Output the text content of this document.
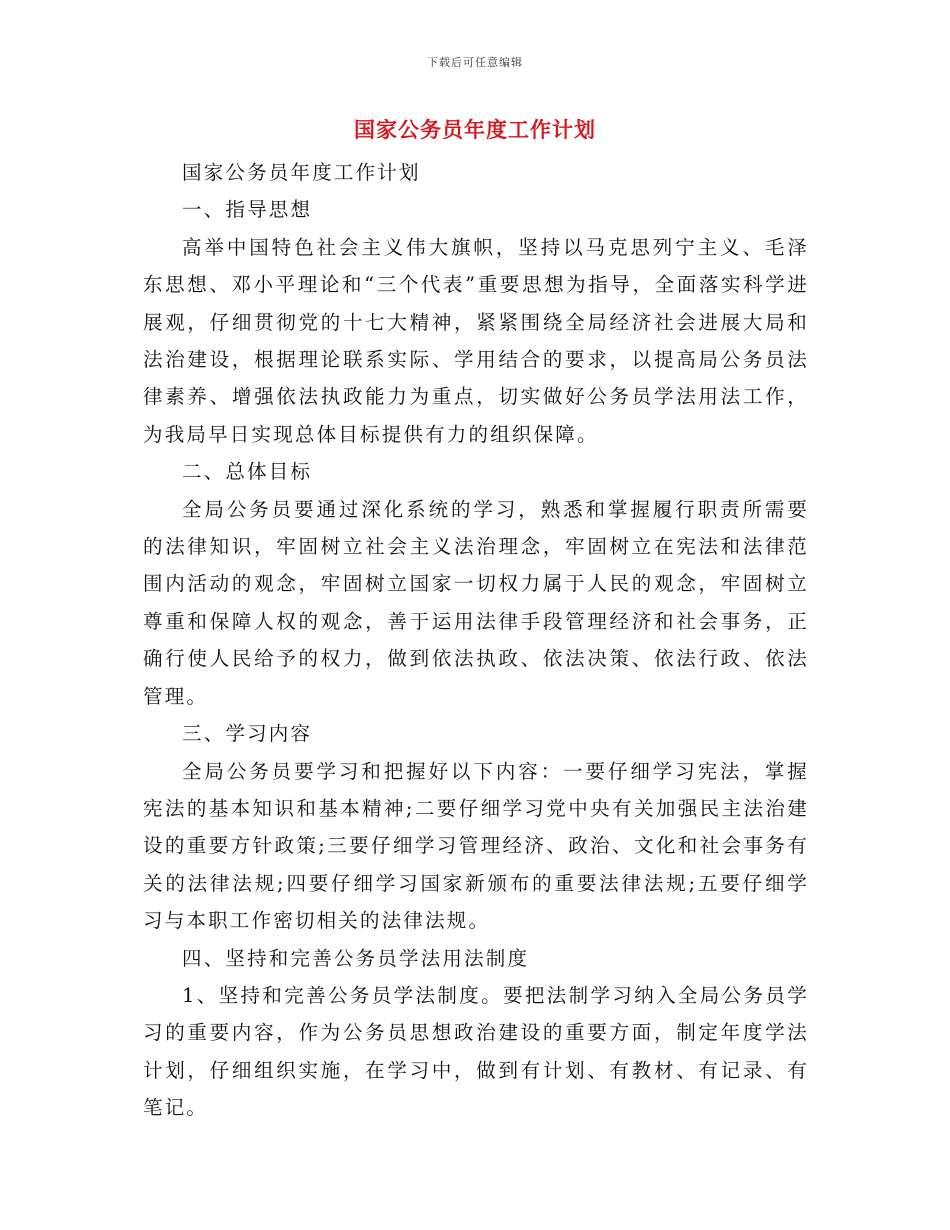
下载后可任意编辑
国家公务员年度工作计划

国家公务员年度工作计划

一、指导思想

高举中国特色社会主义伟大旗帜，坚持以马克思列宁主义、毛泽东思想、邓小平理论和“三个代表”重要思想为指导，全面落实科学进展观，仔细贯彻党的十七大精神，紧紧围绕全局经济社会进展大局和法治建设，根据理论联系实际、学用结合的要求，以提高局公务员法律素养、增强依法执政能力为重点，切实做好公务员学法用法工作，为我局早日实现总体目标提供有力的组织保障。

二、总体目标

全局公务员要通过深化系统的学习，熟悉和掌握履行职责所需要的法律知识，牢固树立社会主义法治理念，牢固树立在宪法和法律范围内活动的观念，牢固树立国家一切权力属于人民的观念，牢固树立尊重和保障人权的观念，善于运用法律手段管理经济和社会事务，正确行使人民给予的权力，做到依法执政、依法决策、依法行政、依法管理。

三、学习内容

全局公务员要学习和把握好以下内容：一要仔细学习宪法，掌握宪法的基本知识和基本精神;二要仔细学习党中央有关加强民主法治建设的重要方针政策;三要仔细学习管理经济、政治、文化和社会事务有关的法律法规;四要仔细学习国家新颁布的重要法律法规;五要仔细学习与本职工作密切相关的法律法规。

四、坚持和完善公务员学法用法制度

1、坚持和完善公务员学法制度。要把法制学习纳入全局公务员学习的重要内容，作为公务员思想政治建设的重要方面，制定年度学法计划，仔细组织实施，在学习中，做到有计划、有教材、有记录、有笔记。
